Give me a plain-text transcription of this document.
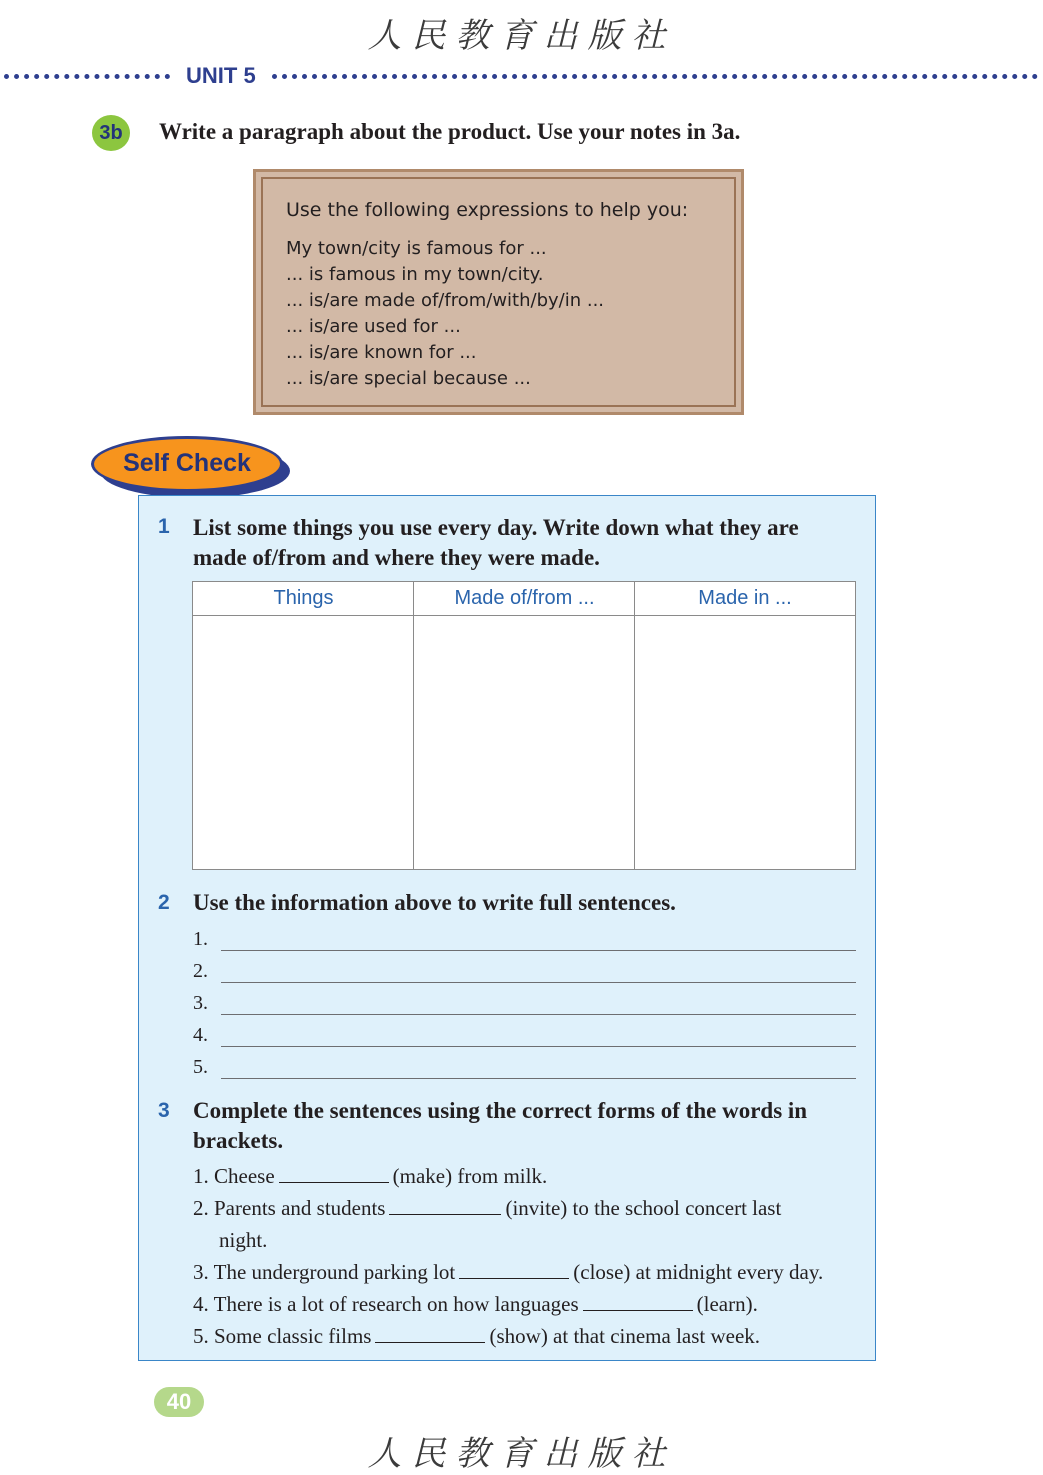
人民教育出版社
UNIT 5
3b	Write a paragraph about the product. Use your notes in 3a.
Use the following expressions to help you:
My town/city is famous for ...
... is famous in my town/city.
... is/are made of/from/with/by/in ...
... is/are used for ...
... is/are known for ...
... is/are special because ...
Self Check
1 List some things you use every day. Write down what they are
made of/from and where they were made.
Things	Made of/from ...	Made in ...
2 Use the information above to write full sentences.
1.
2.
3.
4.
5.
3 Complete the sentences using the correct forms of the words in
brackets.
1. Cheese	(make) from milk.
2. Parents and students	(invite) to the school concert last
night.
3. The underground parking lot	(close) at midnight every day.
4. There is a lot of research on how languages	(learn).
5. Some classic films	(show) at that cinema last week.
40
人民教育出版社
